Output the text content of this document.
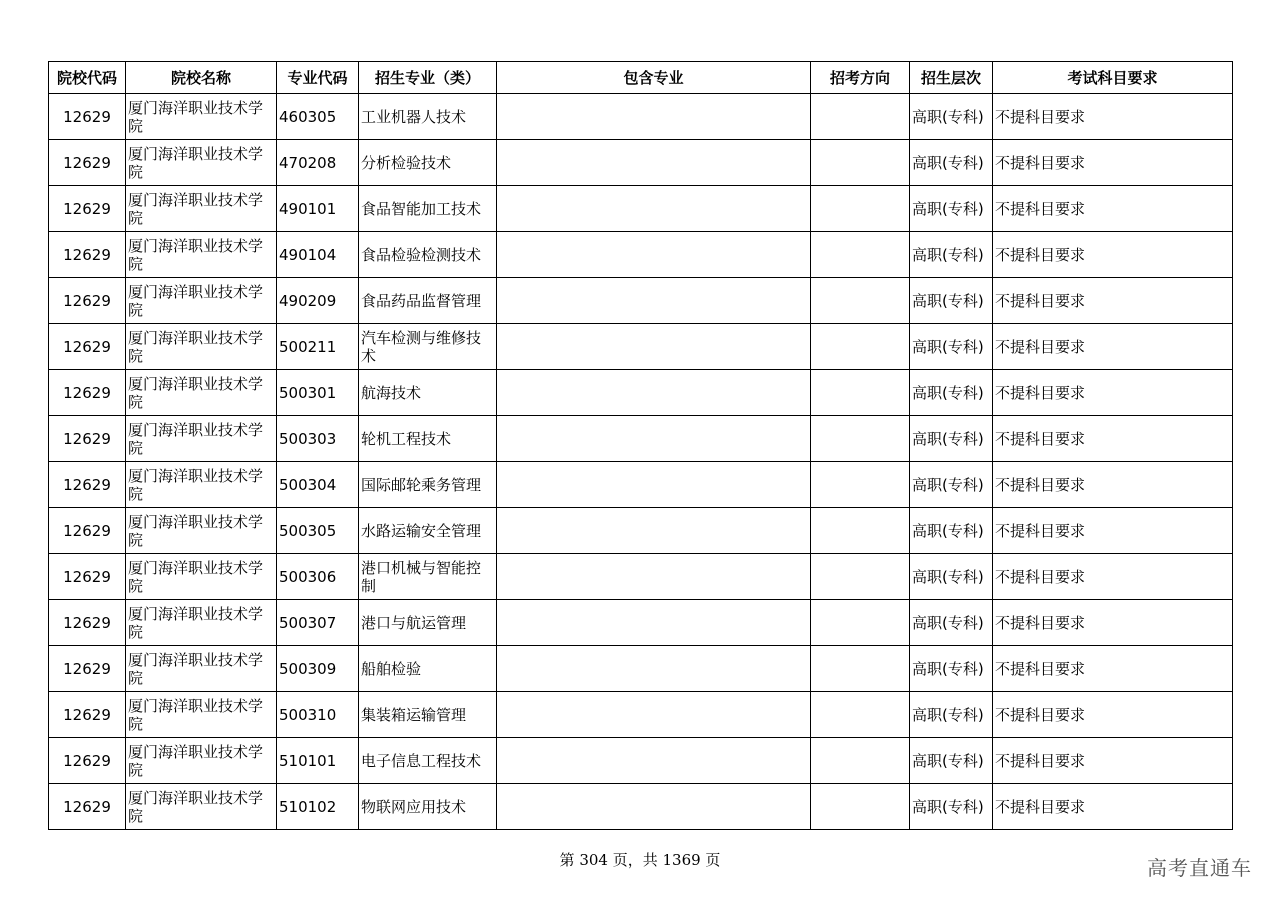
院校代码	院校名称	专业代码	招生专业（类）	包含专业	招考方向	招生层次	考试科目要求
12629	厦门海洋职业技术学院	460305	工业机器人技术			高职(专科)	不提科目要求
12629	厦门海洋职业技术学院	470208	分析检验技术			高职(专科)	不提科目要求
12629	厦门海洋职业技术学院	490101	食品智能加工技术			高职(专科)	不提科目要求
12629	厦门海洋职业技术学院	490104	食品检验检测技术			高职(专科)	不提科目要求
12629	厦门海洋职业技术学院	490209	食品药品监督管理			高职(专科)	不提科目要求
12629	厦门海洋职业技术学院	500211	汽车检测与维修技术			高职(专科)	不提科目要求
12629	厦门海洋职业技术学院	500301	航海技术			高职(专科)	不提科目要求
12629	厦门海洋职业技术学院	500303	轮机工程技术			高职(专科)	不提科目要求
12629	厦门海洋职业技术学院	500304	国际邮轮乘务管理			高职(专科)	不提科目要求
12629	厦门海洋职业技术学院	500305	水路运输安全管理			高职(专科)	不提科目要求
12629	厦门海洋职业技术学院	500306	港口机械与智能控制			高职(专科)	不提科目要求
12629	厦门海洋职业技术学院	500307	港口与航运管理			高职(专科)	不提科目要求
12629	厦门海洋职业技术学院	500309	船舶检验			高职(专科)	不提科目要求
12629	厦门海洋职业技术学院	500310	集装箱运输管理			高职(专科)	不提科目要求
12629	厦门海洋职业技术学院	510101	电子信息工程技术			高职(专科)	不提科目要求
12629	厦门海洋职业技术学院	510102	物联网应用技术			高职(专科)	不提科目要求
第 304 页，共 1369 页	高考直通车
